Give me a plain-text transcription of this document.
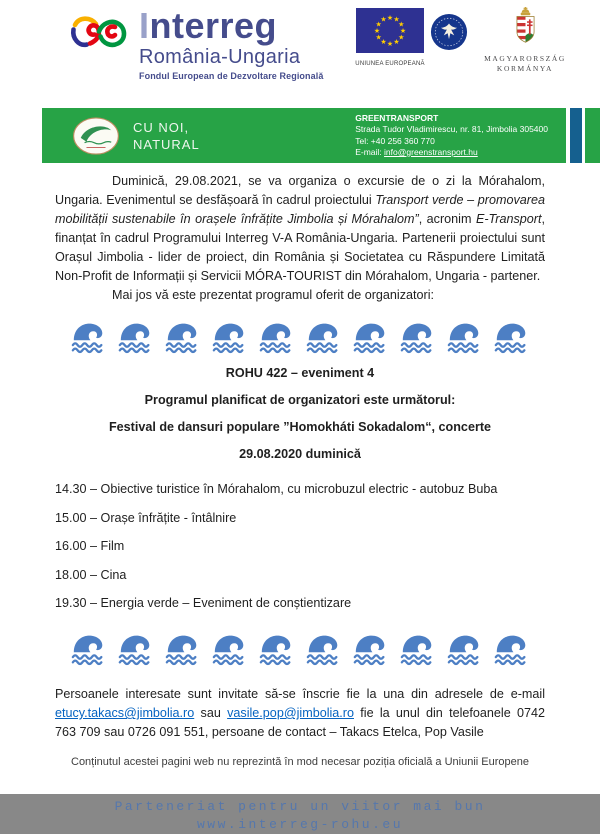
Interreg
România-Ungaria
Fondul European de Dezvoltare Regională
★ ★
★
★
★
★
★
★
★
★
★
★
UNIUNEA EUROPEANĂ
MAGYARORSZÁG
KORMÁNYA
CU NOI,
NATURAL
GREENTRANSPORT
Strada Tudor Vladimirescu, nr. 81, Jimbolia 305400
Tel: +40 256 360 770
E-mail: info@greenstransport.hu

Duminică, 29.08.2021, se va organiza o excursie de o zi la Mórahalom, Ungaria. Evenimentul se desfășoară în cadrul proiectului Transport verde – promovarea mobilității sustenabile în orașele înfrățite Jimbolia și Mórahalom”, acronim E-Transport, finanțat în cadrul Programului Interreg V-A România-Ungaria. Partenerii proiectului sunt Orașul Jimbolia - lider de proiect, din România și Societatea cu Răspundere Limitată Non-Profit de Informații și Servicii MÓRA-TOURIST din Mórahalom, Ungaria - partener.

Mai jos vă este prezentat programul oferit de organizatori:

ROHU 422 – eveniment 4

Programul planificat de organizatori este următorul:

Festival de dansuri populare ”Homokháti Sokadalom“, concerte

29.08.2020 duminică

14.30 – Obiective turistice în Mórahalom, cu microbuzul electric - autobuz Buba

15.00 – Orașe înfrățite - întâlnire

16.00 – Film

18.00 – Cina

19.30 – Energia verde – Eveniment de conștientizare

Persoanele interesate sunt invitate să-se înscrie fie la una din adresele de e-mail etucy.takacs@jimbolia.ro sau vasile.pop@jimbolia.ro fie la unul din telefoanele 0742 763 709 sau 0726 091 551, persoane de contact – Takacs Etelca, Pop Vasile

Conținutul acestei pagini web nu reprezintă în mod necesar poziția oficială a Uniunii Europene

Parteneriat pentru un viitor mai bun
www.interreg-rohu.eu
